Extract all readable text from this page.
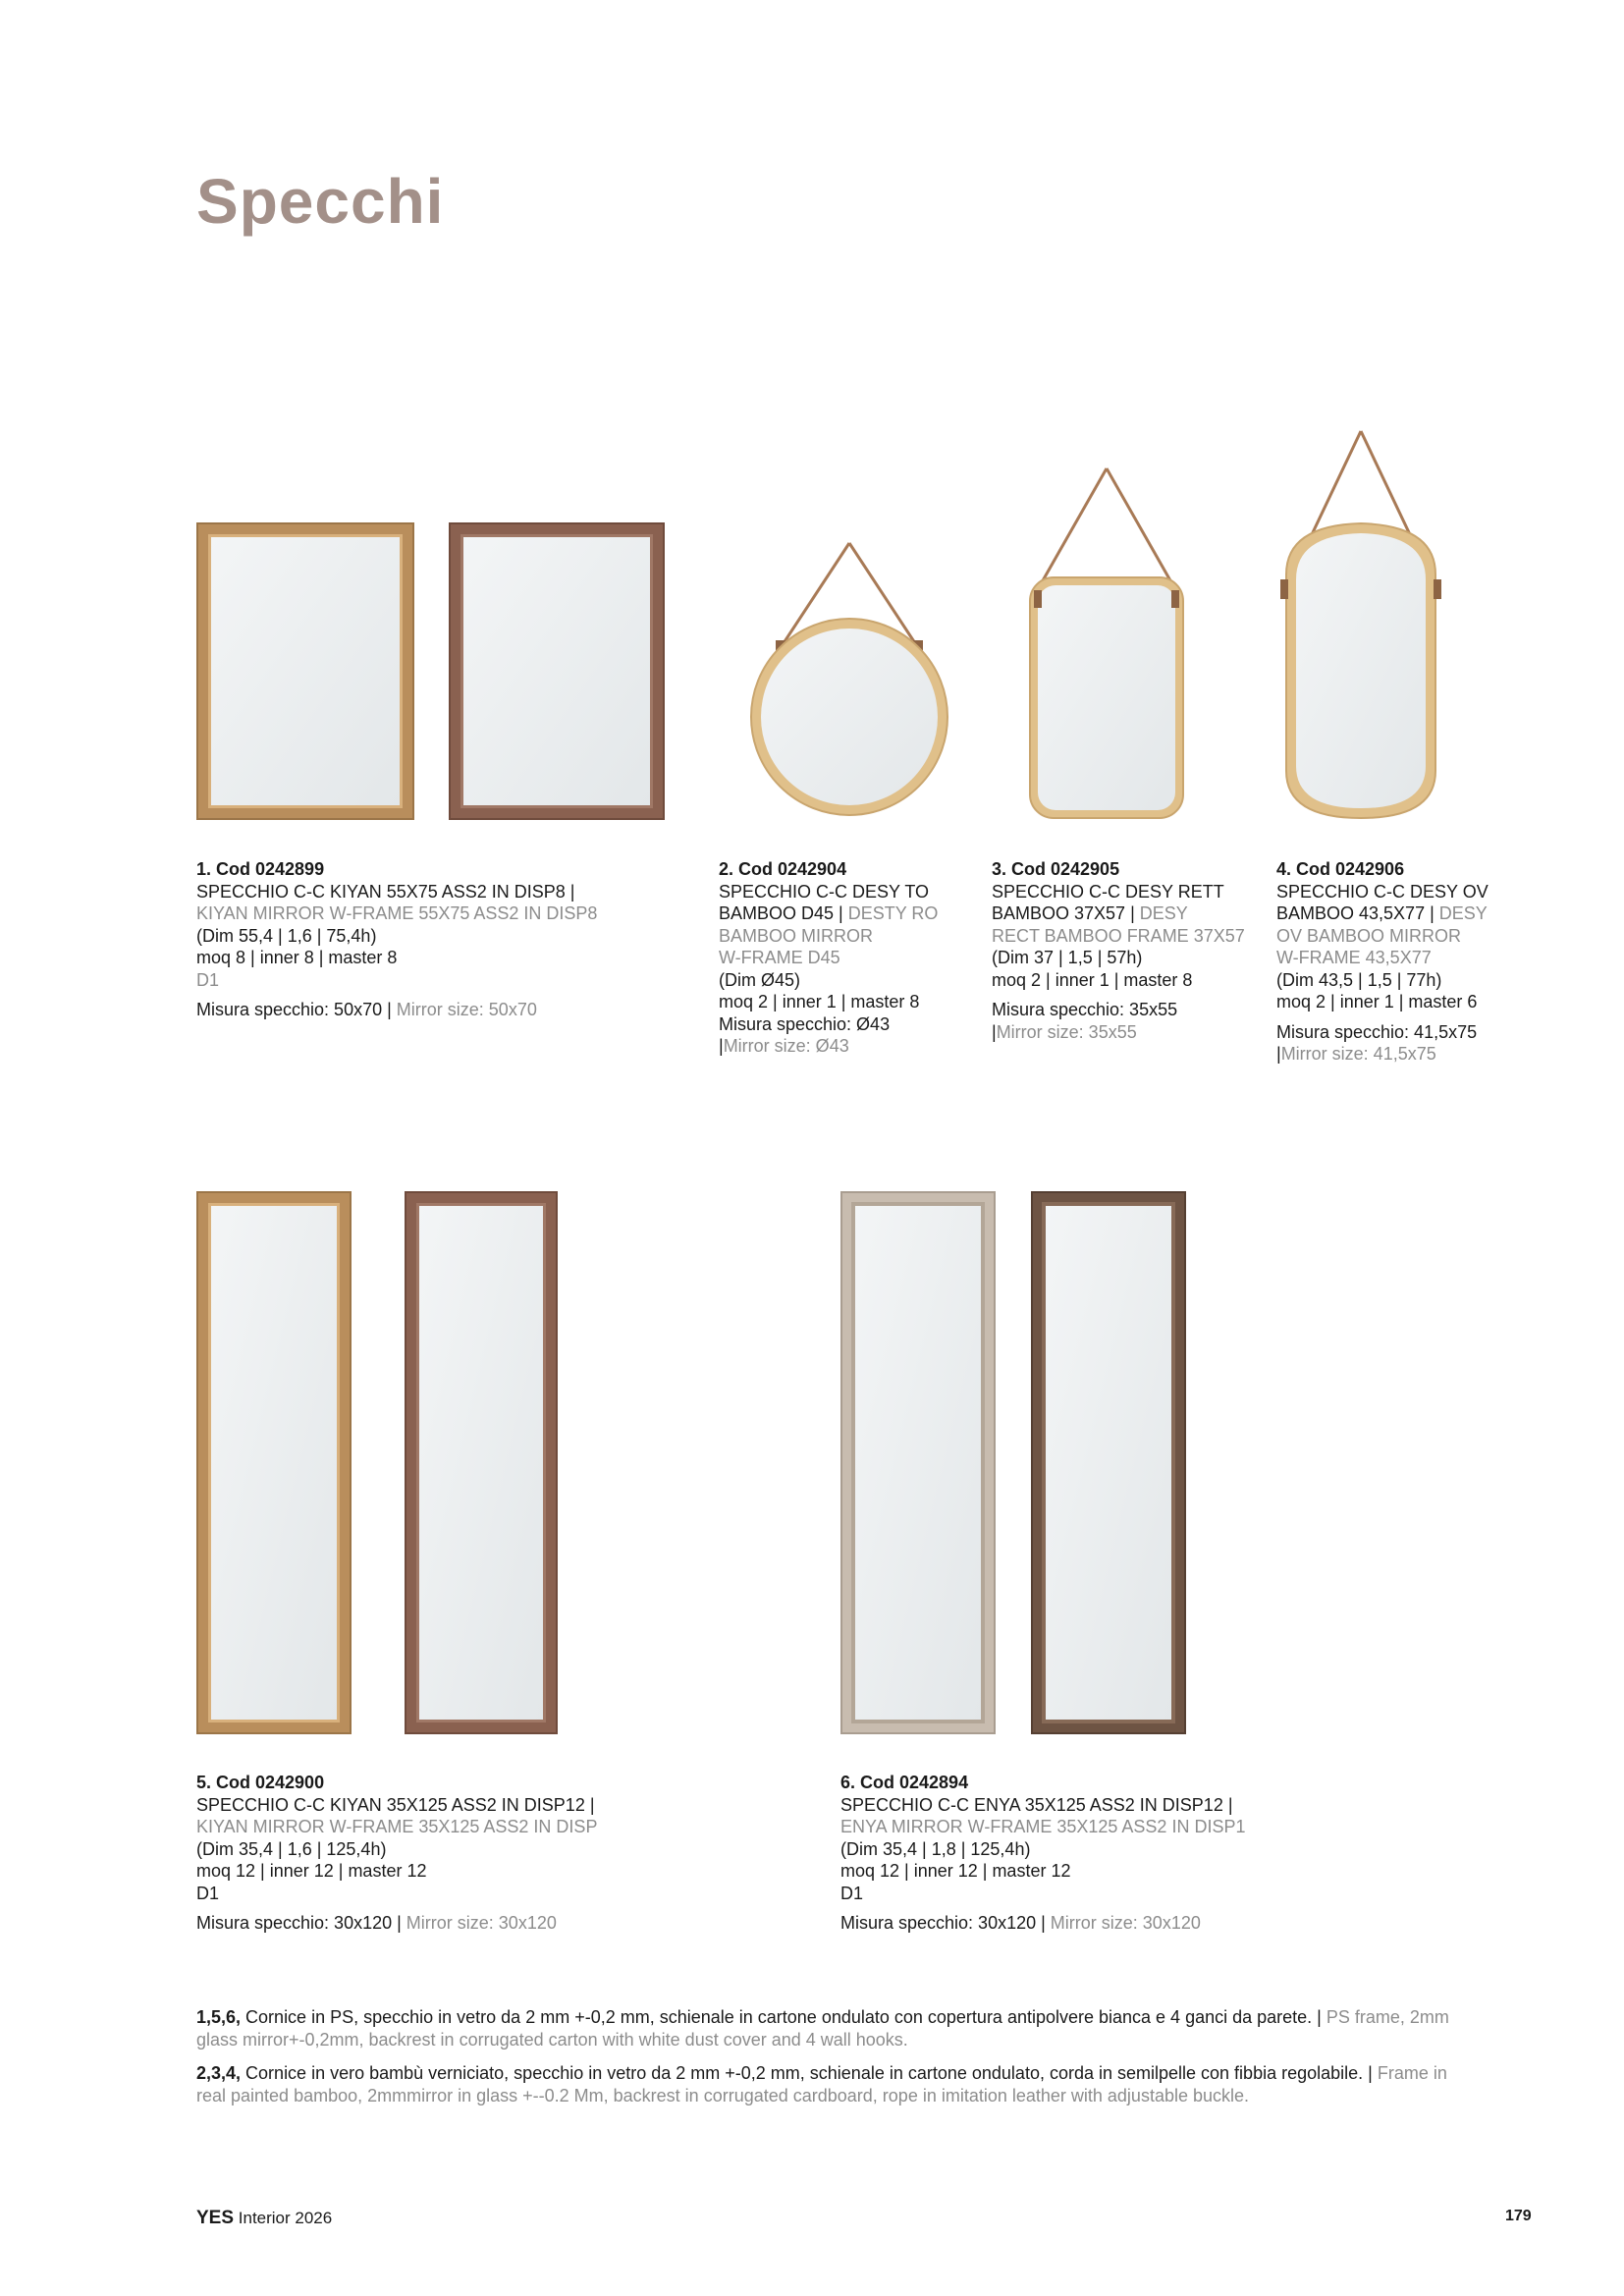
Specchi
1. Cod 0242899
SPECCHIO C-C KIYAN 55X75 ASS2 IN DISP8 |
KIYAN MIRROR W-FRAME 55X75 ASS2 IN DISP8
(Dim 55,4 | 1,6 | 75,4h)
moq 8 | inner 8 | master 8
D1
Misura specchio: 50x70 | Mirror size: 50x70
2. Cod 0242904
SPECCHIO C-C DESY TO
BAMBOO D45 | DESTY RO
BAMBOO MIRROR
W-FRAME D45
(Dim Ø45)
moq 2 | inner 1 | master 8
Misura specchio: Ø43
|Mirror size: Ø43
3. Cod 0242905
SPECCHIO C-C DESY RETT
BAMBOO 37X57 | DESY
RECT BAMBOO FRAME 37X57
(Dim 37 | 1,5 | 57h)
moq 2 | inner 1 | master 8
Misura specchio: 35x55
|Mirror size: 35x55
4. Cod 0242906
SPECCHIO C-C DESY OV
BAMBOO 43,5X77 | DESY
OV BAMBOO MIRROR
W-FRAME 43,5X77
(Dim 43,5 | 1,5 | 77h)
moq 2 | inner 1 | master 6
Misura specchio: 41,5x75
|Mirror size: 41,5x75
5. Cod 0242900
SPECCHIO C-C KIYAN 35X125 ASS2 IN DISP12 |
KIYAN MIRROR W-FRAME 35X125 ASS2 IN DISP
(Dim 35,4 | 1,6 | 125,4h)
moq 12 | inner 12 | master 12
D1
Misura specchio: 30x120 | Mirror size: 30x120
6. Cod 0242894
SPECCHIO C-C ENYA 35X125 ASS2 IN DISP12 |
ENYA MIRROR W-FRAME 35X125 ASS2 IN DISP1
(Dim 35,4 | 1,8 | 125,4h)
moq 12 | inner 12 | master 12
D1
Misura specchio: 30x120 | Mirror size: 30x120

1,5,6, Cornice in PS, specchio in vetro da 2 mm +-0,2 mm, schienale in cartone ondulato con copertura antipolvere bianca e 4 ganci da parete. | PS frame, 2mm glass mirror+-0,2mm, backrest in corrugated carton with white dust cover and 4 wall hooks.

2,3,4, Cornice in vero bambù verniciato, specchio in vetro da 2 mm +-0,2 mm, schienale in cartone ondulato, corda in semilpelle con fibbia regolabile. | Frame in real painted bamboo, 2mmmirror in glass +--0.2 Mm, backrest in corrugated cardboard, rope in imitation leather with adjustable buckle.

YES Interior 2026	179
